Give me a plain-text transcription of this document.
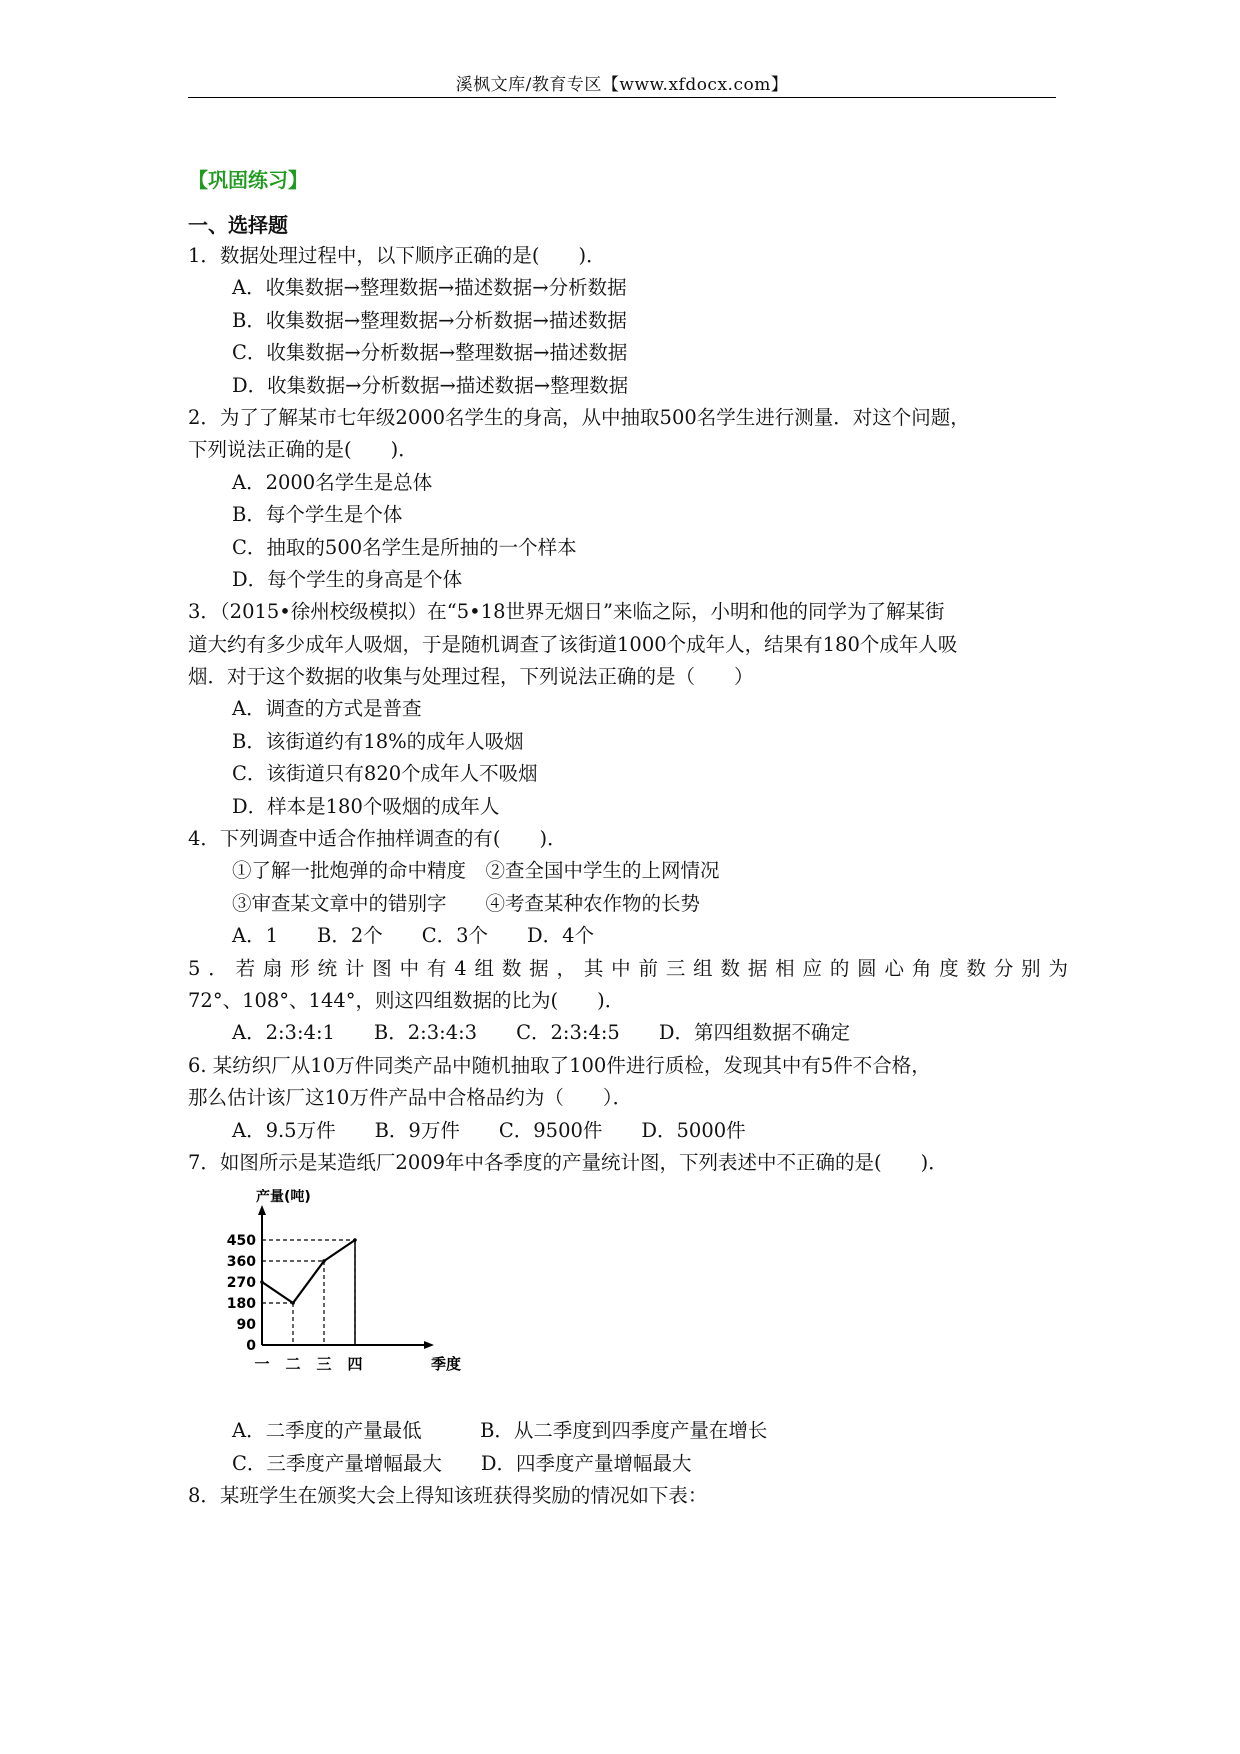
溪枫文库/教育专区【www.xfdocx.com】
【巩固练习】
一、选择题
1．数据处理过程中，以下顺序正确的是(　　)．
A．收集数据→整理数据→描述数据→分析数据
B．收集数据→整理数据→分析数据→描述数据
C．收集数据→分析数据→整理数据→描述数据
D．收集数据→分析数据→描述数据→整理数据
2．为了了解某市七年级2000名学生的身高，从中抽取500名学生进行测量．对这个问题，
下列说法正确的是(　　)．
A．2000名学生是总体
B．每个学生是个体
C．抽取的500名学生是所抽的一个样本
D．每个学生的身高是个体
3．（2015•徐州校级模拟）在“5•18世界无烟日”来临之际，小明和他的同学为了解某街
道大约有多少成年人吸烟，于是随机调查了该街道1000个成年人，结果有180个成年人吸
烟．对于这个数据的收集与处理过程，下列说法正确的是（　　）
A．调查的方式是普查
B．该街道约有18%的成年人吸烟
C．该街道只有820个成年人不吸烟
D．样本是180个吸烟的成年人
4．下列调查中适合作抽样调查的有(　　)．
①了解一批炮弹的命中精度　②查全国中学生的上网情况
③审查某文章中的错别字　　④考查某种农作物的长势
A．1　　B．2个　　C．3个　　D．4个
5．若扇形统计图中有4组数据，其中前三组数据相应的圆心角度数分别为
72°、108°、144°，则这四组数据的比为(　　)．
A．2:3:4:1　　B．2:3:4:3　　C．2:3:4:5　　D．第四组数据不确定
6. 某纺织厂从10万件同类产品中随机抽取了100件进行质检，发现其中有5件不合格，
那么估计该厂这10万件产品中合格品约为（　　）．
A．9.5万件　　B．9万件　　C．9500件　　D．5000件
7．如图所示是某造纸厂2009年中各季度的产量统计图，下列表述中不正确的是(　　)．
0
90
180
270
360
450
产量(吨)
季度
一 二 三 四
A．二季度的产量最低　　　B．从二季度到四季度产量在增长
C．三季度产量增幅最大　　D．四季度产量增幅最大
8．某班学生在颁奖大会上得知该班获得奖励的情况如下表：
